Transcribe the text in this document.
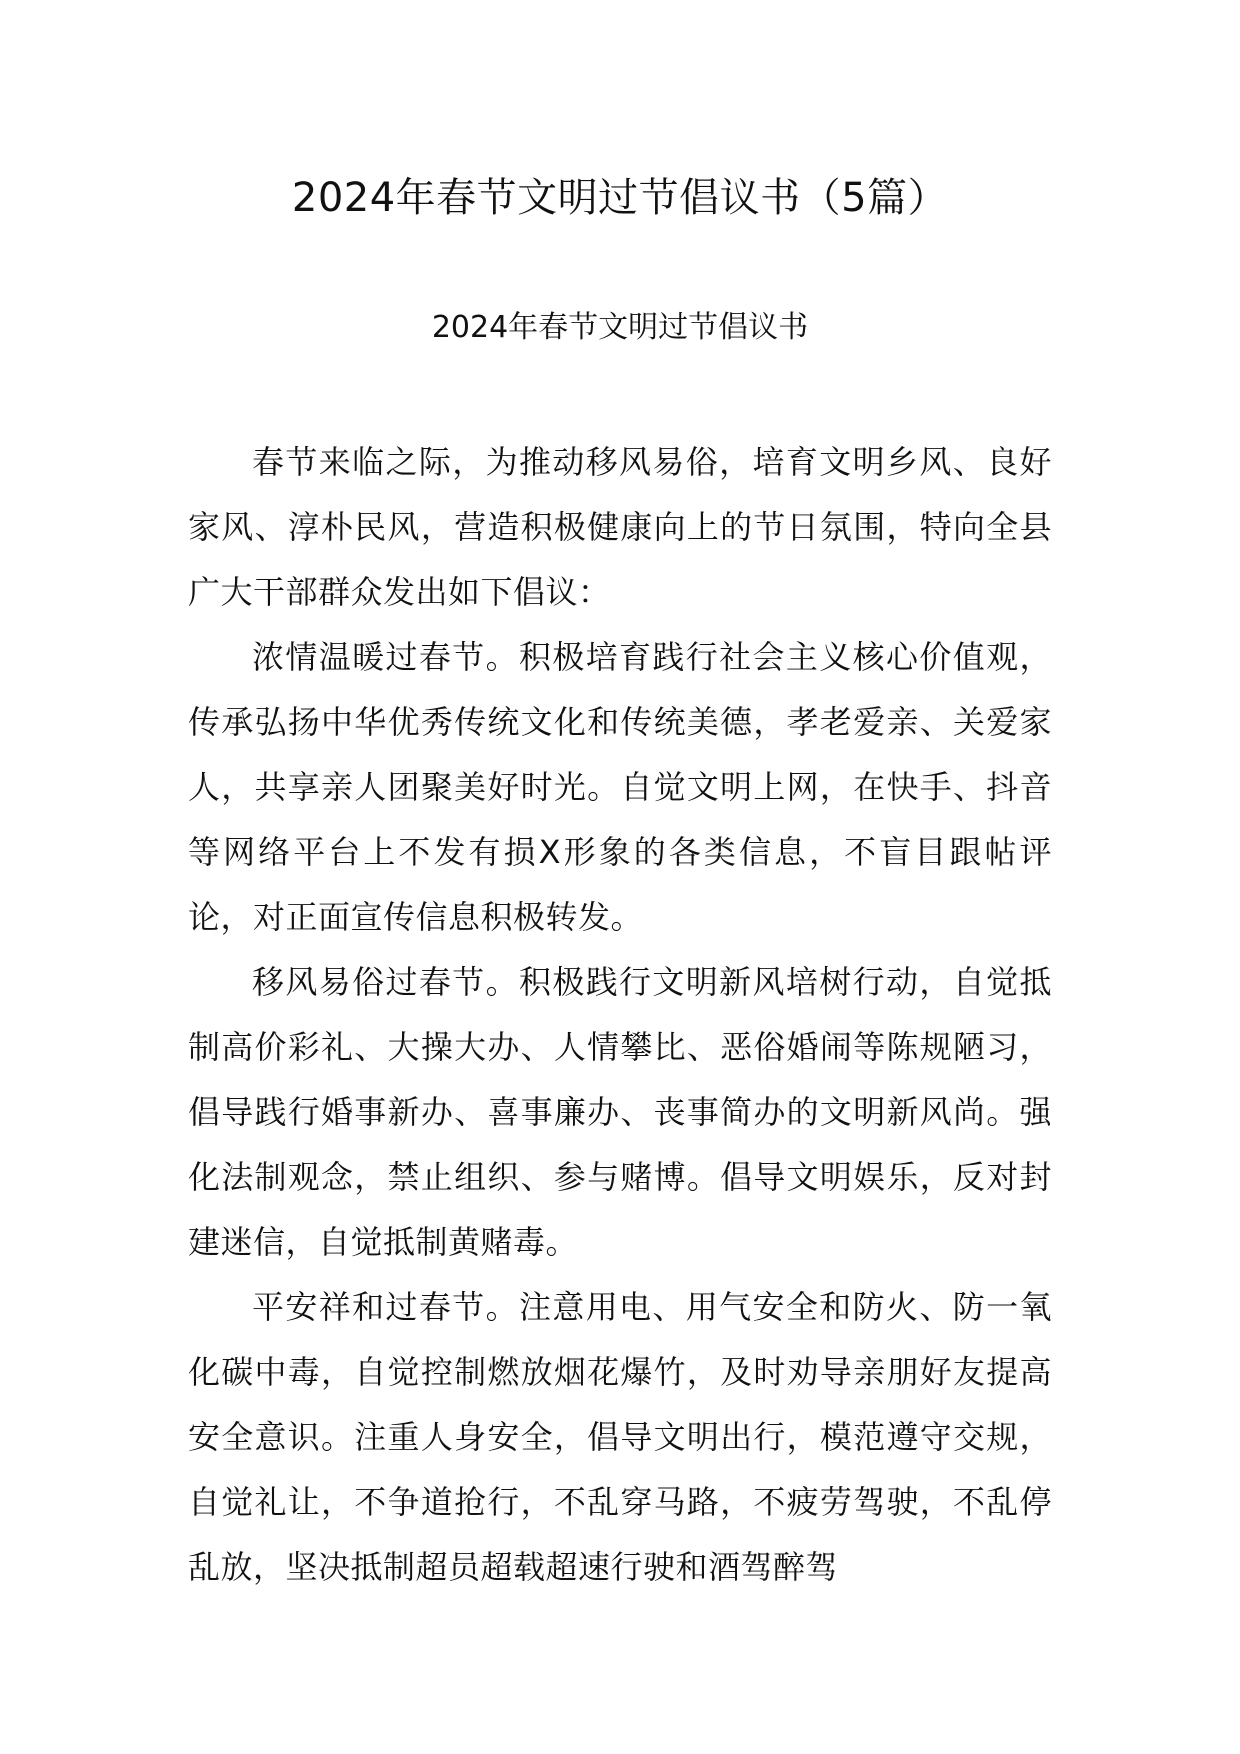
2024年春节文明过节倡议书（5篇）
2024年春节文明过节倡议书

春节来临之际，为推动移风易俗，培育文明乡风、良好家风、淳朴民风，营造积极健康向上的节日氛围，特向全县广大干部群众发出如下倡议：

浓情温暖过春节。积极培育践行社会主义核心价值观，传承弘扬中华优秀传统文化和传统美德，孝老爱亲、关爱家人，共享亲人团聚美好时光。自觉文明上网，在快手、抖音等网络平台上不发有损X形象的各类信息，不盲目跟帖评论，对正面宣传信息积极转发。

移风易俗过春节。积极践行文明新风培树行动，自觉抵制高价彩礼、大操大办、人情攀比、恶俗婚闹等陈规陋习，倡导践行婚事新办、喜事廉办、丧事简办的文明新风尚。强化法制观念，禁止组织、参与赌博。倡导文明娱乐，反对封建迷信，自觉抵制黄赌毒。

平安祥和过春节。注意用电、用气安全和防火、防一氧化碳中毒，自觉控制燃放烟花爆竹，及时劝导亲朋好友提高安全意识。注重人身安全，倡导文明出行，模范遵守交规，自觉礼让，不争道抢行，不乱穿马路，不疲劳驾驶，不乱停乱放，坚决抵制超员超载超速行驶和酒驾醉驾
